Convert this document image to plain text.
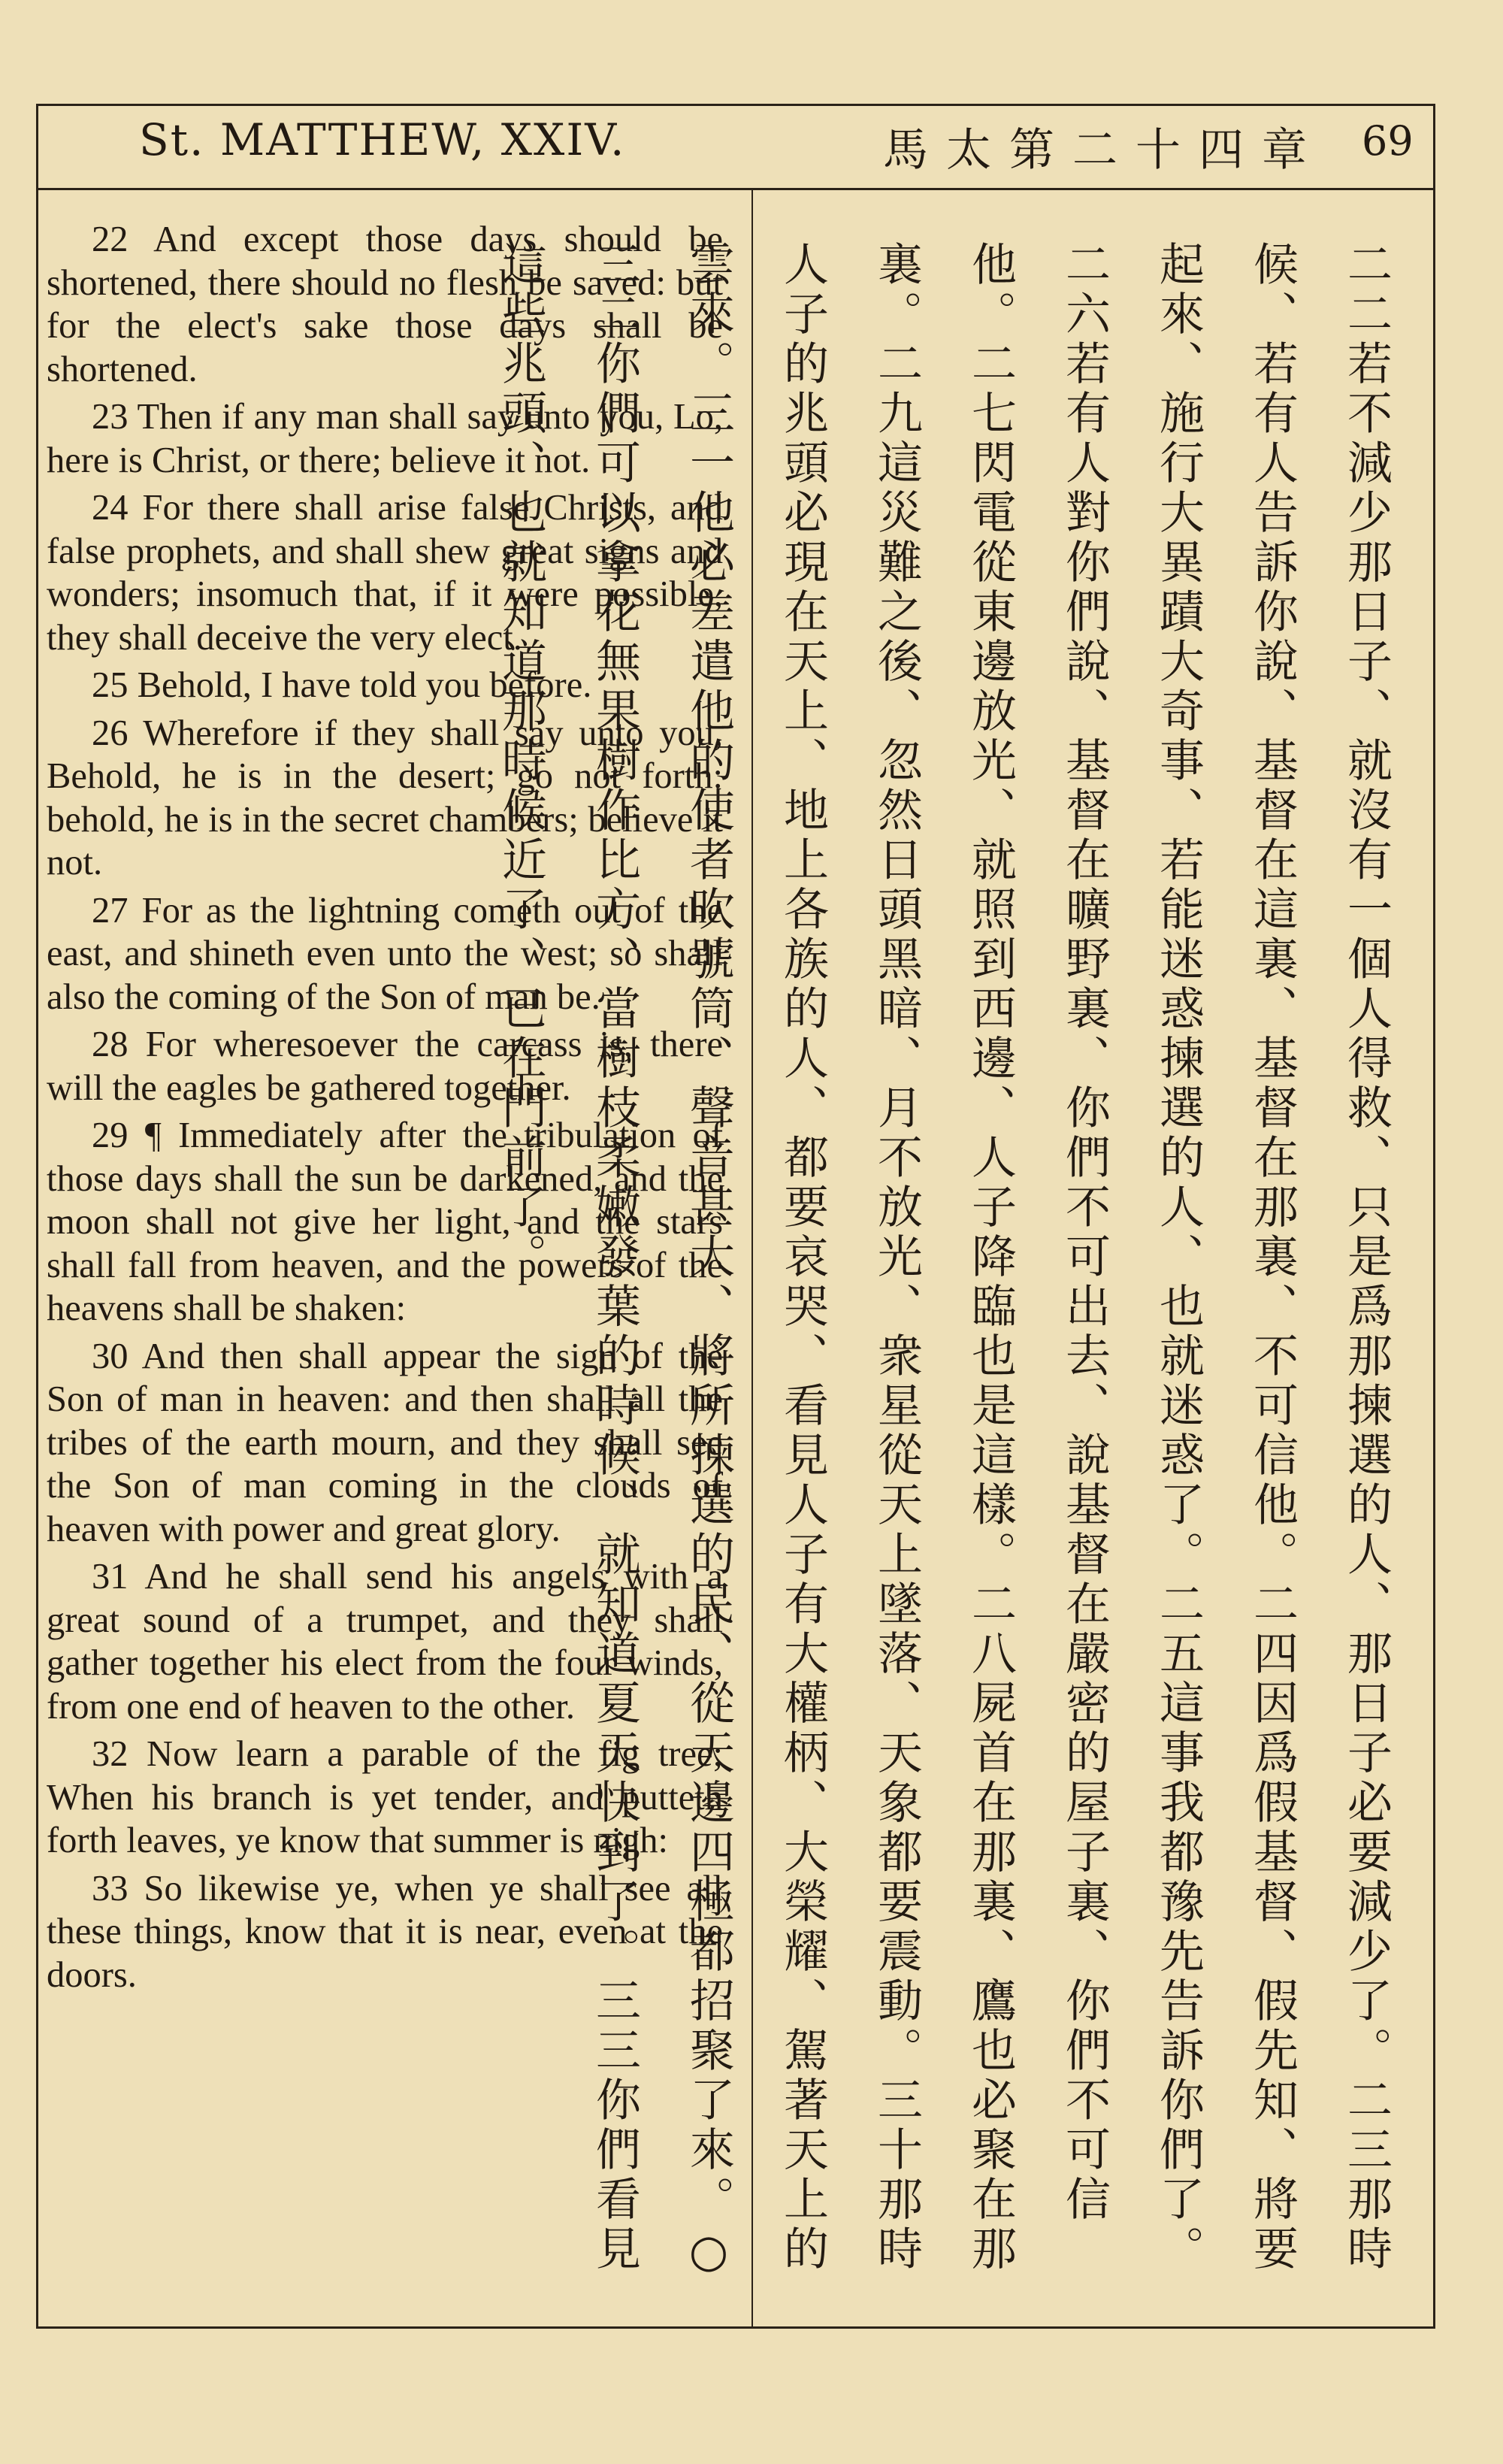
St. MATTHEW, XXIV.	馬太第二十四章 69

22 And except those days should be shortened, there should no flesh be saved: but for the elect's sake those days shall be shortened.

23 Then if any man shall say unto you, Lo, here is Christ, or there; believe it not.

24 For there shall arise false Christs, and false prophets, and shall shew great signs and wonders; insomuch that, if it were possible, they shall deceive the very elect.

25 Behold, I have told you before.

26 Wherefore if they shall say unto you, Behold, he is in the desert; go not forth: behold, he is in the secret chambers; believe it not.

27 For as the lightning cometh out of the east, and shineth even unto the west; so shall also the coming of the Son of man be.

28 For wheresoever the carcass is, there will the eagles be gathered together.

29 ¶ Immediately after the tribulation of those days shall the sun be darkened, and the moon shall not give her light, and the stars shall fall from heaven, and the powers of the heavens shall be shaken:

30 And then shall appear the sign of the Son of man in heaven: and then shall all the tribes of the earth mourn, and they shall see the Son of man coming in the clouds of heaven with power and great glory.

31 And he shall send his angels with a great sound of a trumpet, and they shall gather together his elect from the four winds, from one end of heaven to the other.

32 Now learn a parable of the fig tree; When his branch is yet tender, and putteth forth leaves, ye know that summer is nigh:

33 So likewise ye, when ye shall see all these things, know that it is near, even at the doors.	二二若不減少那日子、就沒有一個人得救、只是爲那揀選的人、那日子必要減少了。二三那時候、若有人告訴你說、基督在這裏、基督在那裏、不可信他。二四因爲假基督、假先知、將要起來、施行大異蹟大奇事、若能迷惑揀選的人、也就迷惑了。二五這事我都豫先告訴你們了。二六若有人對你們說、基督在曠野裏、你們不可出去、說基督在嚴密的屋子裏、你們不可信他。二七閃電從東邊放光、就照到西邊、人子降臨也是這樣。二八屍首在那裏、鷹也必聚在那裏。二九這災難之後、忽然日頭黑暗、月不放光、衆星從天上墜落、天象都要震動。三十那時人子的兆頭必現在天上、地上各族的人、都要哀哭、看見人子有大權柄、大榮耀、駕著天上的雲來。三一他必差遣他的使者吹號筒、聲音甚大、將所揀選的民、從天邊四極都招聚了來。○三二你們可以拿花無果樹作比方、當樹枝柔嫩發葉的時候、就知道夏天快到了。三三你們看見這些兆頭、也就知道那時候近了、已在門前了。
